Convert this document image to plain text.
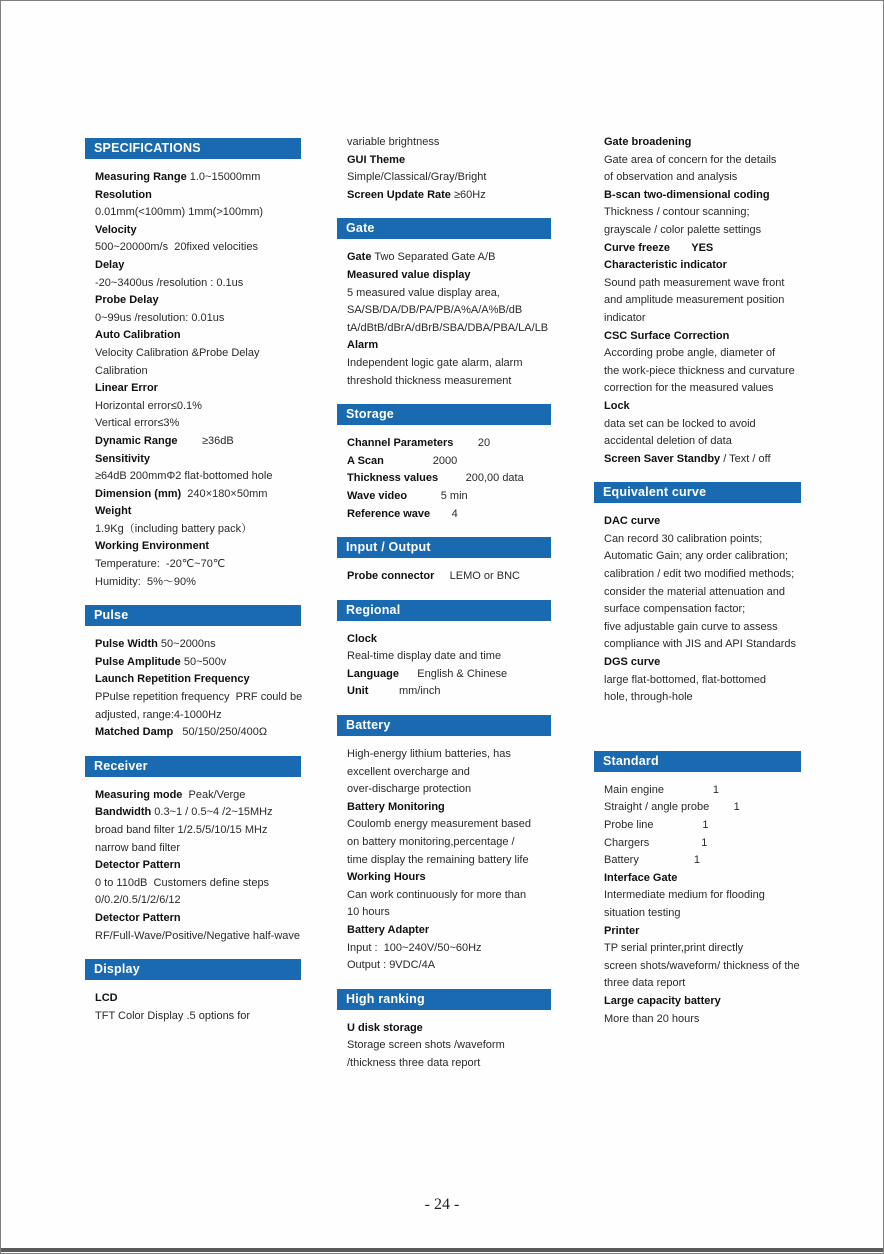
SPECIFICATIONS
Measuring Range 1.0~15000mm
Resolution
0.01mm(<100mm) 1mm(>100mm)
Velocity
500~20000m/s  20fixed velocities
Delay
-20~3400us /resolution : 0.1us
Probe Delay
0~99us /resolution: 0.01us
Auto Calibration
Velocity Calibration &Probe Delay
Calibration
Linear Error
Horizontal error≤0.1%
Vertical error≤3%
Dynamic Range        ≥36dB
Sensitivity
≥64dB 200mmΦ2 flat-bottomed hole
Dimension (mm)  240×180×50mm
Weight
1.9Kg（including battery pack）
Working Environment
Temperature:  -20℃~70℃
Humidity:  5%～90%
Pulse
Pulse Width 50~2000ns
Pulse Amplitude 50~500v
Launch Repetition Frequency
PPulse repetition frequency  PRF could be
adjusted, range:4-1000Hz
Matched Damp   50/150/250/400Ω
Receiver
Measuring mode  Peak/Verge
Bandwidth 0.3~1 / 0.5~4 /2~15MHz
broad band filter 1/2.5/5/10/15 MHz
narrow band filter
Detector Pattern
0 to 110dB  Customers define steps
0/0.2/0.5/1/2/6/12
Detector Pattern
RF/Full-Wave/Positive/Negative half-wave
Display
LCD
TFT Color Display .5 options for
variable brightness
GUI Theme
Simple/Classical/Gray/Bright
Screen Update Rate ≥60Hz
Gate
Gate Two Separated Gate A/B
Measured value display
5 measured value display area,
SA/SB/DA/DB/PA/PB/A%A/A%B/dB
tA/dBtB/dBrA/dBrB/SBA/DBA/PBA/LA/LB
Alarm
Independent logic gate alarm, alarm
threshold thickness measurement
Storage
Channel Parameters        20
A Scan                2000
Thickness values         200,00 data
Wave video           5 min
Reference wave       4
Input / Output
Probe connector     LEMO or BNC
Regional
Clock
Real-time display date and time
Language      English & Chinese
Unit          mm/inch
Battery
High-energy lithium batteries, has
excellent overcharge and
over-discharge protection
Battery Monitoring
Coulomb energy measurement based
on battery monitoring,percentage /
time display the remaining battery life
Working Hours
Can work continuously for more than
10 hours
Battery Adapter
Input :  100~240V/50~60Hz
Output : 9VDC/4A
High ranking
U disk storage
Storage screen shots /waveform
/thickness three data report
Gate broadening
Gate area of concern for the details
of observation and analysis
B-scan two-dimensional coding
Thickness / contour scanning;
grayscale / color palette settings
Curve freeze       YES
Characteristic indicator
Sound path measurement wave front
and amplitude measurement position
indicator
CSC Surface Correction
According probe angle, diameter of
the work-piece thickness and curvature
correction for the measured values
Lock
data set can be locked to avoid
accidental deletion of data
Screen Saver Standby / Text / off
Equivalent curve
DAC curve
Can record 30 calibration points;
Automatic Gain; any order calibration;
calibration / edit two modified methods;
consider the material attenuation and
surface compensation factor;
five adjustable gain curve to assess
compliance with JIS and API Standards
DGS curve
large flat-bottomed, flat-bottomed
hole, through-hole
Standard
Main engine                1
Straight / angle probe        1
Probe line                1
Chargers                 1
Battery                  1
Interface Gate
Intermediate medium for flooding
situation testing
Printer
TP serial printer,print directly
screen shots/waveform/ thickness of the
three data report
Large capacity battery
More than 20 hours
- 24 -
